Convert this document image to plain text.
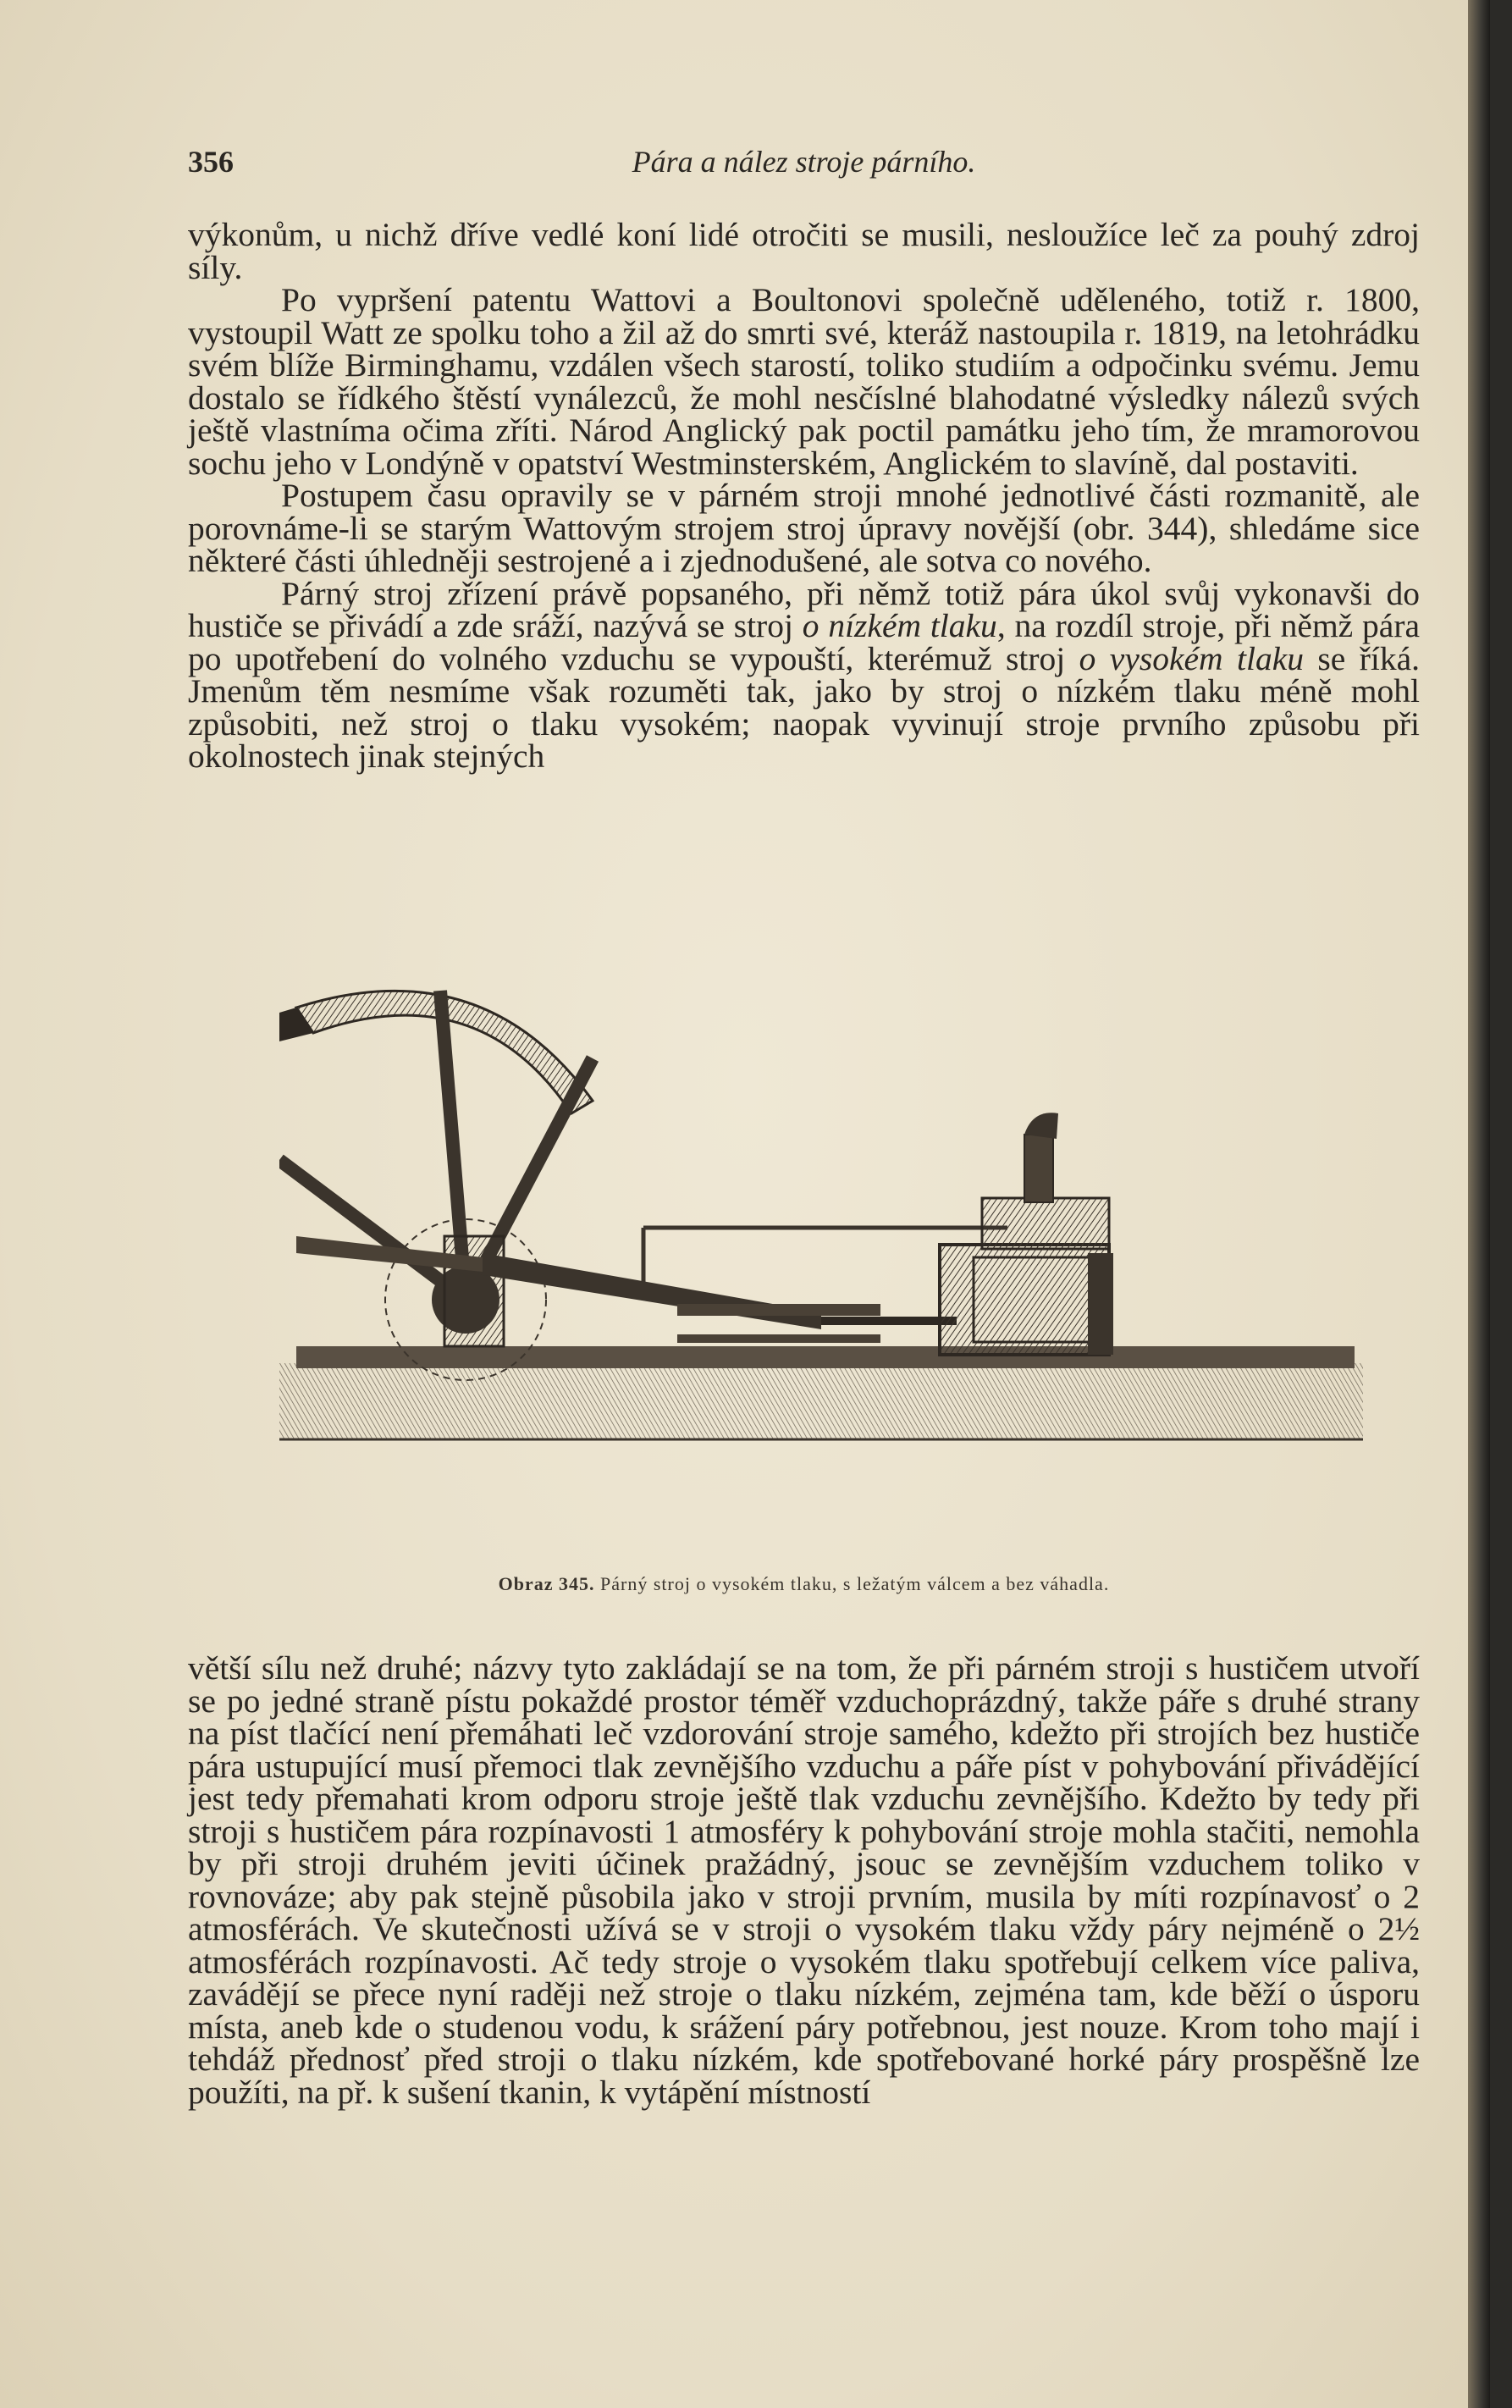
356	Pára a nález stroje párního.

výkonům, u nichž dříve vedlé koní lidé otročiti se musili, nesloužíce leč za pouhý zdroj síly.

Po vypršení patentu Wattovi a Boultonovi společně uděleného, totiž r. 1800, vystoupil Watt ze spolku toho a žil až do smrti své, kteráž nastoupila r. 1819, na letohrádku svém blíže Birminghamu, vzdálen všech starostí, toliko studiím a odpočinku svému. Jemu dostalo se řídkého štěstí vynálezců, že mohl nesčíslné blahodatné výsledky nálezů svých ještě vlastníma očima zříti. Národ Anglický pak poctil památku jeho tím, že mramorovou sochu jeho v Londýně v opatství Westminsterském, Anglickém to slavíně, dal postaviti.

Postupem času opravily se v párném stroji mnohé jednotlivé části rozmanitě, ale porovnáme-li se starým Wattovým strojem stroj úpravy novější (obr. 344), shledáme sice některé části úhledněji sestrojené a i zjednodušené, ale sotva co nového.

Párný stroj zřízení právě popsaného, při němž totiž pára úkol svůj vykonavši do hustiče se přivádí a zde sráží, nazývá se stroj o nízkém tlaku, na rozdíl stroje, při němž pára po upotřebení do volného vzduchu se vypouští, kterémuž stroj o vysokém tlaku se říká. Jmenům těm nesmíme však rozuměti tak, jako by stroj o nízkém tlaku méně mohl způsobiti, než stroj o tlaku vysokém; naopak vyvinují stroje prvního způsobu při okolnostech jinak stejných

Obraz 345. Párný stroj o vysokém tlaku, s ležatým válcem a bez váhadla.

větší sílu než druhé; názvy tyto zakládají se na tom, že při párném stroji s hustičem utvoří se po jedné straně pístu pokaždé prostor téměř vzduchoprázdný, takže páře s druhé strany na píst tlačící není přemáhati leč vzdorování stroje samého, kdežto při strojích bez hustiče pára ustupující musí přemoci tlak zevnějšího vzduchu a páře píst v pohybování přivádějící jest tedy přemahati krom odporu stroje ještě tlak vzduchu zevnějšího. Kdežto by tedy při stroji s hustičem pára rozpínavosti 1 atmosféry k pohybování stroje mohla stačiti, nemohla by při stroji druhém jeviti účinek pražádný, jsouc se zevnějším vzduchem toliko v rovnováze; aby pak stejně působila jako v stroji prvním, musila by míti rozpínavosť o 2 atmosférách. Ve skutečnosti užívá se v stroji o vysokém tlaku vždy páry nejméně o 2½ atmosférách rozpínavosti. Ač tedy stroje o vysokém tlaku spotřebují celkem více paliva, zavádějí se přece nyní raději než stroje o tlaku nízkém, zejména tam, kde běží o úsporu místa, aneb kde o studenou vodu, k srážení páry potřebnou, jest nouze. Krom toho mají i tehdáž přednosť před stroji o tlaku nízkém, kde spotřebované horké páry prospěšně lze použíti, na př. k sušení tkanin, k vytápění místností
